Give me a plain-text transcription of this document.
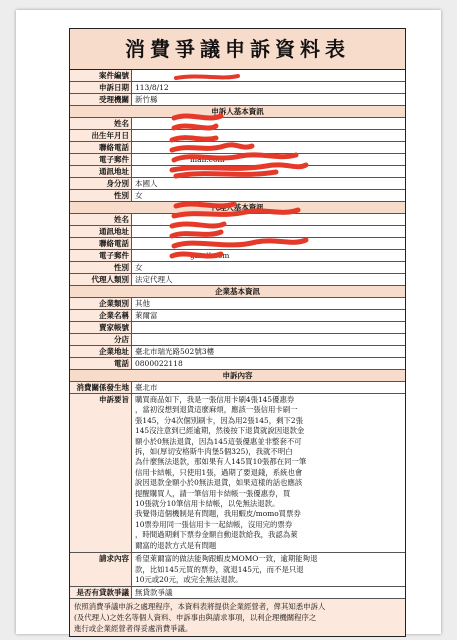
消費爭議申訴資料表
案件編號
申訴日期 113/8/12
受理機關 新竹縣
申訴人基本資訊
姓名
出生年月日
聯絡電話
電子郵件	mail.com
通訊地址
身分別 本國人
性別 女
代理人基本資訊
姓名
通訊地址
聯絡電話
電子郵件	gmail.com
性別 女
代理人類別 法定代理人
企業基本資訊
企業類別 其他
企業名稱 萊爾富
賣家帳號
分店
企業地址 臺北市瑞光路502號3樓
電話 0800022118
申訴內容
消費關係發生地 臺北市
申訴要旨 購買商品如下，我是一張信用卡刷4張145優惠券
，當初沒想到退貨這麼麻煩，應該一張信用卡刷一
張145，分4次個別刷卡，因為用2張145，剩下2張
145沒注意到已經逾期，然後按下退貨就說因退款金
額小於0無法退貨，因為145這張優惠並非整套不可
拆，如(厚切安格斯牛肉堡5個325)，我就不明白
為什麼無法退款，那如果有人145買10張都在同一筆
信用卡結帳，只使用1張，過期了要退錢，系統也會
說因退款金額小於0無法退貨，如果這樣的話也應該
提醒購買人，請一筆信用卡結帳一張優惠券，買
10張就分10筆信用卡結帳，以免無法退款。
我覺得這個機制是有問題，我用蝦皮/momo買票券
10票券用同一張信用卡一起結帳，沒用完的票券
，時間過期剩下票券金額自動退款給我，我認為萊
爾富的退款方式是有問題
請求內容 希望萊爾富的做法能夠跟蝦皮MOMO一致，逾期能夠退
款，比如145元買的票券，就退145元，而不是只退
10元或20元，或完全無法退款。
是否有貸款爭議 無貸款爭議
依照消費爭議申訴之處理程序，本資料表將提供企業經營者，俾其知悉申訴人
(及代理人)之姓名等個人資料、申訴事由與請求事項，以利企理機關程序之
進行或企業經營者得妥處消費爭議。
